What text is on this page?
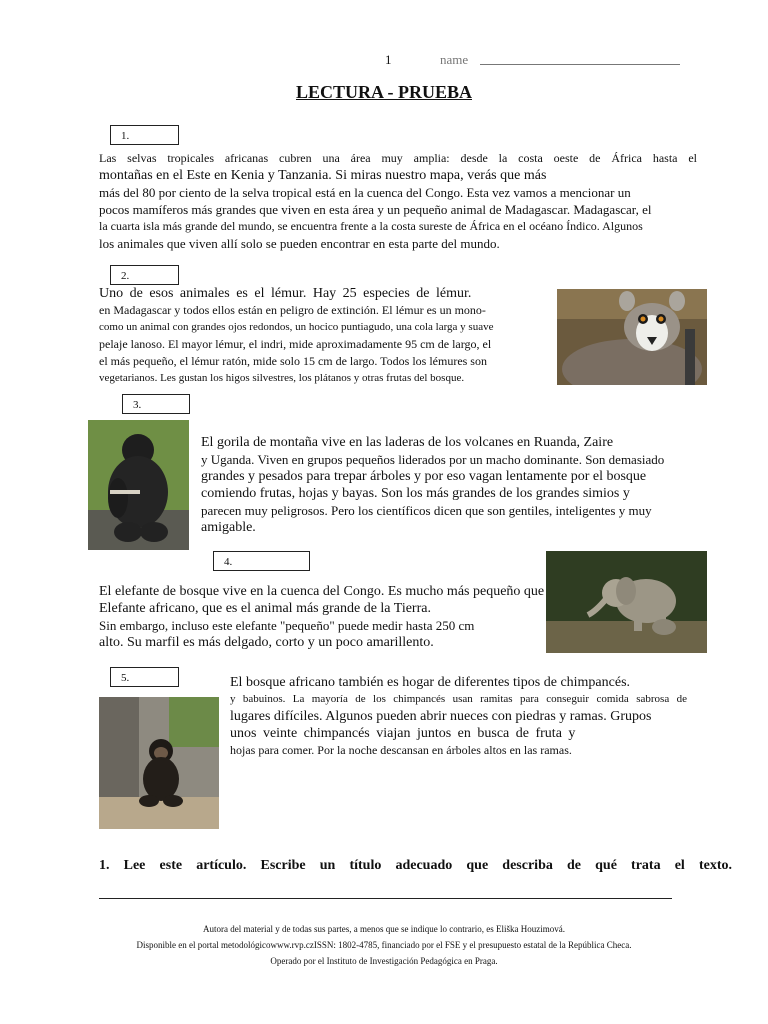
1	name
LECTURA - PRUEBA
1.
Las selvas tropicales africanas cubren una área muy amplia: desde la costa oeste de África hasta el
montañas en el Este en Kenia y Tanzania. Si miras nuestro mapa, verás que más
más del 80 por ciento de la selva tropical está en la cuenca del Congo. Esta vez vamos a mencionar un
pocos mamíferos más grandes que viven en esta área y un pequeño animal de Madagascar. Madagascar, el
la cuarta isla más grande del mundo, se encuentra frente a la costa sureste de África en el océano Índico. Algunos
los animales que viven allí solo se pueden encontrar en esta parte del mundo.
2.
Uno de esos animales es el lémur. Hay 25 especies de lémur.
en Madagascar y todos ellos están en peligro de extinción. El lémur es un mono-
como un animal con grandes ojos redondos, un hocico puntiagudo, una cola larga y suave
pelaje lanoso. El mayor lémur, el indri, mide aproximadamente 95 cm de largo, el
el más pequeño, el lémur ratón, mide solo 15 cm de largo. Todos los lémures son
vegetarianos. Les gustan los higos silvestres, los plátanos y otras frutas del bosque.
3.
El gorila de montaña vive en las laderas de los volcanes en Ruanda, Zaire
y Uganda. Viven en grupos pequeños liderados por un macho dominante. Son demasiado
grandes y pesados para trepar árboles y por eso vagan lentamente por el bosque
comiendo frutas, hojas y bayas. Son los más grandes de los grandes simios y
parecen muy peligrosos. Pero los científicos dicen que son gentiles, inteligentes y muy
amigable.
4.
El elefante de bosque vive en la cuenca del Congo. Es mucho más pequeño que
Elefante africano, que es el animal más grande de la Tierra.
Sin embargo, incluso este elefante "pequeño" puede medir hasta 250 cm
alto. Su marfil es más delgado, corto y un poco amarillento.
5.	El bosque africano también es hogar de diferentes tipos de chimpancés.
y babuinos. La mayoría de los chimpancés usan ramitas para conseguir comida sabrosa de
lugares difíciles. Algunos pueden abrir nueces con piedras y ramas. Grupos
unos veinte chimpancés viajan juntos en busca de fruta y
hojas para comer. Por la noche descansan en árboles altos en las ramas.
1. Lee este artículo. Escribe un título adecuado que describa de qué trata el texto.
Autora del material y de todas sus partes, a menos que se indique lo contrario, es Eliška Houzimová.
Disponible en el portal metodológicowww.rvp.czISSN: 1802-4785, financiado por el FSE y el presupuesto estatal de la República Checa.
Operado por el Instituto de Investigación Pedagógica en Praga.
